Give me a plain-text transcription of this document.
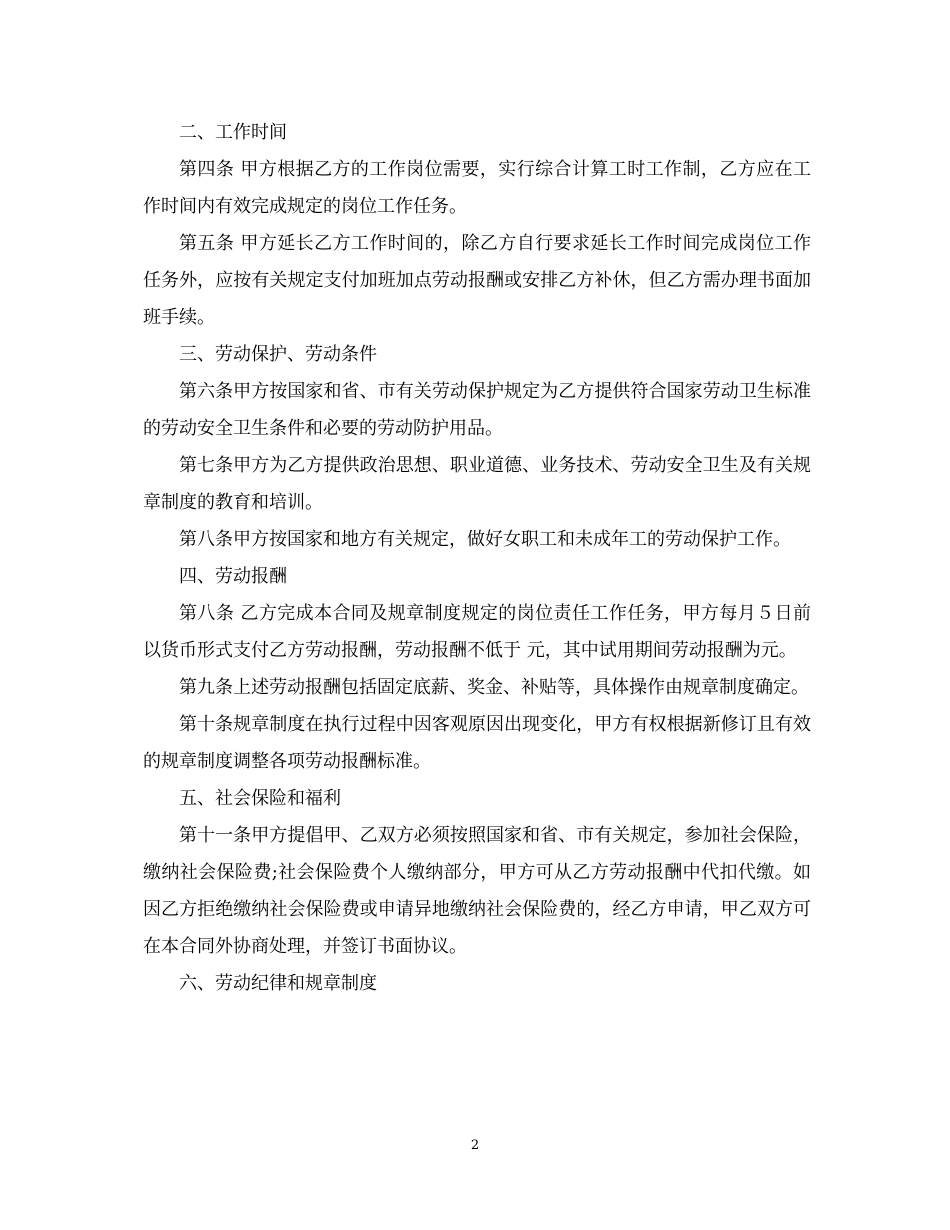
二、工作时间

第四条 甲方根据乙方的工作岗位需要，实行综合计算工时工作制，乙方应在工作时间内有效完成规定的岗位工作任务。

第五条 甲方延长乙方工作时间的，除乙方自行要求延长工作时间完成岗位工作任务外，应按有关规定支付加班加点劳动报酬或安排乙方补休，但乙方需办理书面加班手续。

三、劳动保护、劳动条件

第六条甲方按国家和省、市有关劳动保护规定为乙方提供符合国家劳动卫生标准的劳动安全卫生条件和必要的劳动防护用品。

第七条甲方为乙方提供政治思想、职业道德、业务技术、劳动安全卫生及有关规章制度的教育和培训。

第八条甲方按国家和地方有关规定，做好女职工和未成年工的劳动保护工作。

四、劳动报酬

第八条 乙方完成本合同及规章制度规定的岗位责任工作任务，甲方每月５日前以货币形式支付乙方劳动报酬，劳动报酬不低于 元，其中试用期间劳动报酬为元。

第九条上述劳动报酬包括固定底薪、奖金、补贴等，具体操作由规章制度确定。

第十条规章制度在执行过程中因客观原因出现变化，甲方有权根据新修订且有效的规章制度调整各项劳动报酬标准。

五、社会保险和福利

第十一条甲方提倡甲、乙双方必须按照国家和省、市有关规定，参加社会保险，缴纳社会保险费;社会保险费个人缴纳部分，甲方可从乙方劳动报酬中代扣代缴。如因乙方拒绝缴纳社会保险费或申请异地缴纳社会保险费的，经乙方申请，甲乙双方可在本合同外协商处理，并签订书面协议。

六、劳动纪律和规章制度

2
